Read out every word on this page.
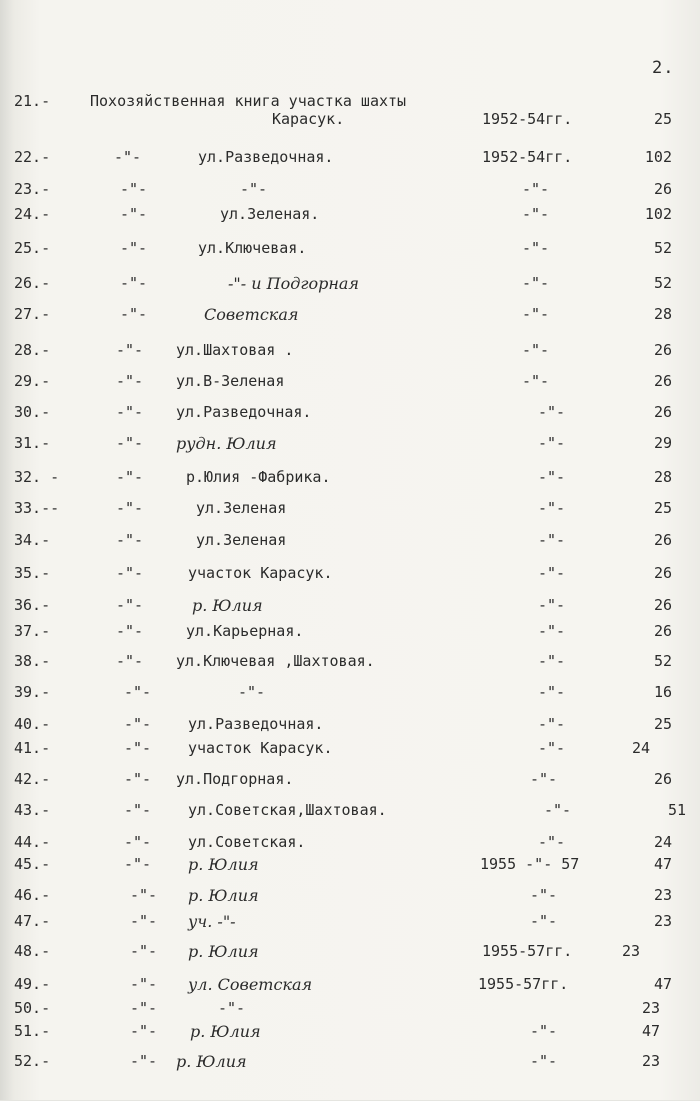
2.
21.-	Похозяйственная книга участка шахты
Карасук.	1952-54гг.	25
22.-	-"-	ул.Разведочная.	1952-54гг.	102
23.-	-"-	-"-	-"-	26
24.-	-"-	ул.Зеленая.	-"-	102
25.-	-"-	ул.Ключевая.	-"-	52
26.-	-"-	-"- и Подгорная	-"-	52
27.-	-"-	Советская	-"-	28
28.-	-"- ул.Шахтовая .	-"-	26
29.-	-"- ул.В-Зеленая	-"-	26
30.-	-"- ул.Разведочная.	-"-	26
31.-	-"- рудн. Юлия	-"-	29
32. -	-"-	р.Юлия -Фабрика.	-"-	28
33.--	-"-	ул.Зеленая	-"-	25
34.-	-"-	ул.Зеленая	-"-	26
35.-	-"-	участок Карасук.	-"-	26
36.-	-"-	р. Юлия	-"-	26
37.-	-"-	ул.Карьерная.	-"-	26
38.-	-"- ул.Ключевая ,Шахтовая.	-"-	52
39.-	-"-	-"-	-"-	16
40.-	-"- ул.Разведочная.	-"-	25
41.-	-"- участок Карасук.	-"-	24
42.-	-"- ул.Подгорная.	-"-	26
43.-	-"- ул.Советская,Шахтовая.	-"-	51
44.-	-"- ул.Советская.	-"-	24
45.-	-"- р. Юлия	1955 -"- 57	47
46.-	-"- р. Юлия	-"-	23
47.-	-"- уч. -"-	-"-	23
48.-	-"- р. Юлия	1955-57гг.	23
49.-	-"- ул. Советская	1955-57гг.	47
50.-	-"-	-"-	23
51.-	-"- р. Юлия	-"-	47
52.-	-"- р. Юлия	-"-	23
